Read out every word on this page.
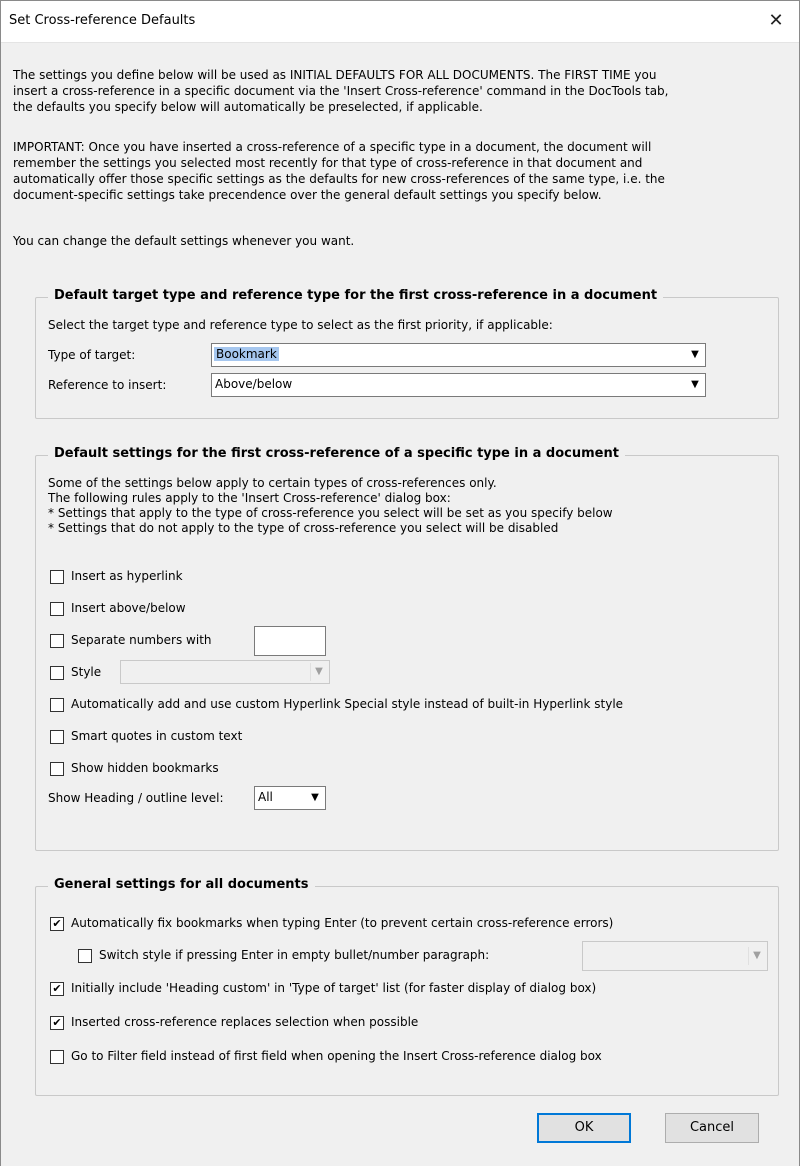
Set Cross-reference Defaults	✕
The settings you define below will be used as INITIAL DEFAULTS FOR ALL DOCUMENTS. The FIRST TIME you
insert a cross-reference in a specific document via the 'Insert Cross-reference' command in the DocTools tab,
the defaults you specify below will automatically be preselected, if applicable.
IMPORTANT: Once you have inserted a cross-reference of a specific type in a document, the document will
remember the settings you selected most recently for that type of cross-reference in that document and
automatically offer those specific settings as the defaults for new cross-references of the same type, i.e. the
document-specific settings take precendence over the general default settings you specify below.
You can change the default settings whenever you want.
Default target type and reference type for the first cross-reference in a document
Select the target type and reference type to select as the first priority, if applicable:
Type of target:	Bookmark	▼
Reference to insert:	Above/below	▼
Default settings for the first cross-reference of a specific type in a document
Some of the settings below apply to certain types of cross-references only.
The following rules apply to the 'Insert Cross-reference' dialog box:
* Settings that apply to the type of cross-reference you select will be set as you specify below
* Settings that do not apply to the type of cross-reference you select will be disabled
Insert as hyperlink
Insert above/below
Separate numbers with
Style	▼
Automatically add and use custom Hyperlink Special style instead of built-in Hyperlink style
Smart quotes in custom text
Show hidden bookmarks
Show Heading / outline level:	All	▼
General settings for all documents
✔ Automatically fix bookmarks when typing Enter (to prevent certain cross-reference errors)
Switch style if pressing Enter in empty bullet/number paragraph:	▼
✔ Initially include 'Heading custom' in 'Type of target' list (for faster display of dialog box)
✔ Inserted cross-reference replaces selection when possible
Go to Filter field instead of first field when opening the Insert Cross-reference dialog box
OK	Cancel
